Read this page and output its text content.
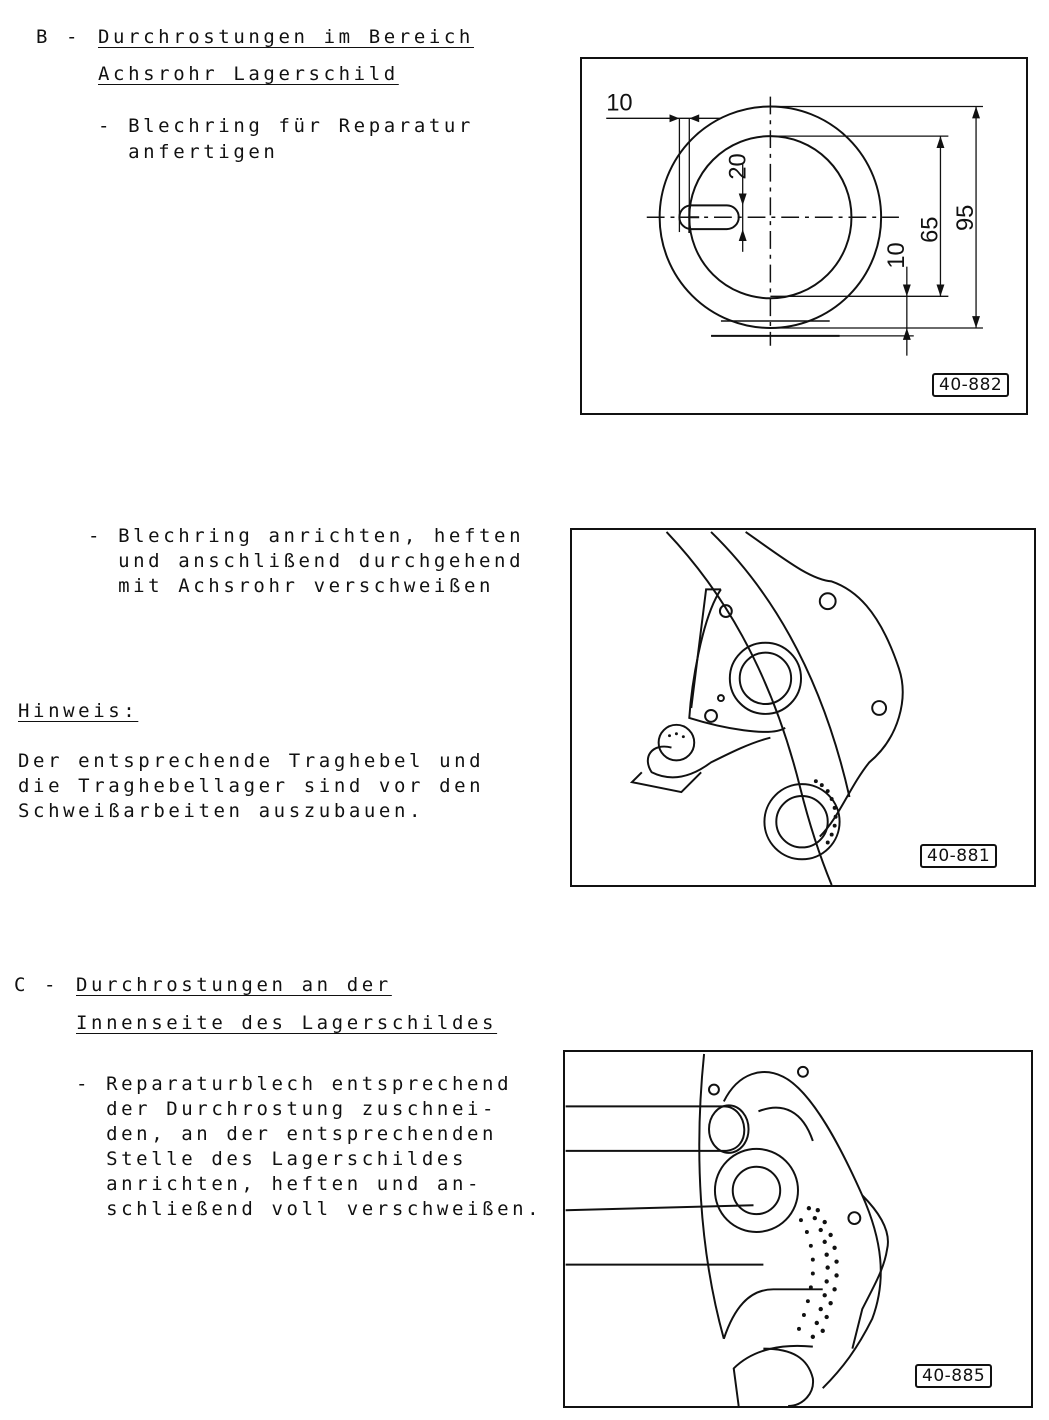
B - Durchrostungen im Bereich
Achsrohr Lagerschild
- Blechring für Reparatur
anfertigen
10
20
65 95
10
40-882
- Blechring anrichten, heften
und anschlißend durchgehend
mit Achsrohr verschweißen
Hinweis:
Der entsprechende Traghebel und
die Traghebellager sind vor den
Schweißarbeiten auszubauen.
40-881
C - Durchrostungen an der
Innenseite des Lagerschildes
- Reparaturblech entsprechend
der Durchrostung zuschnei-
den, an der entsprechenden
Stelle des Lagerschildes
anrichten, heften und an-
schließend voll verschweißen.
40-885
